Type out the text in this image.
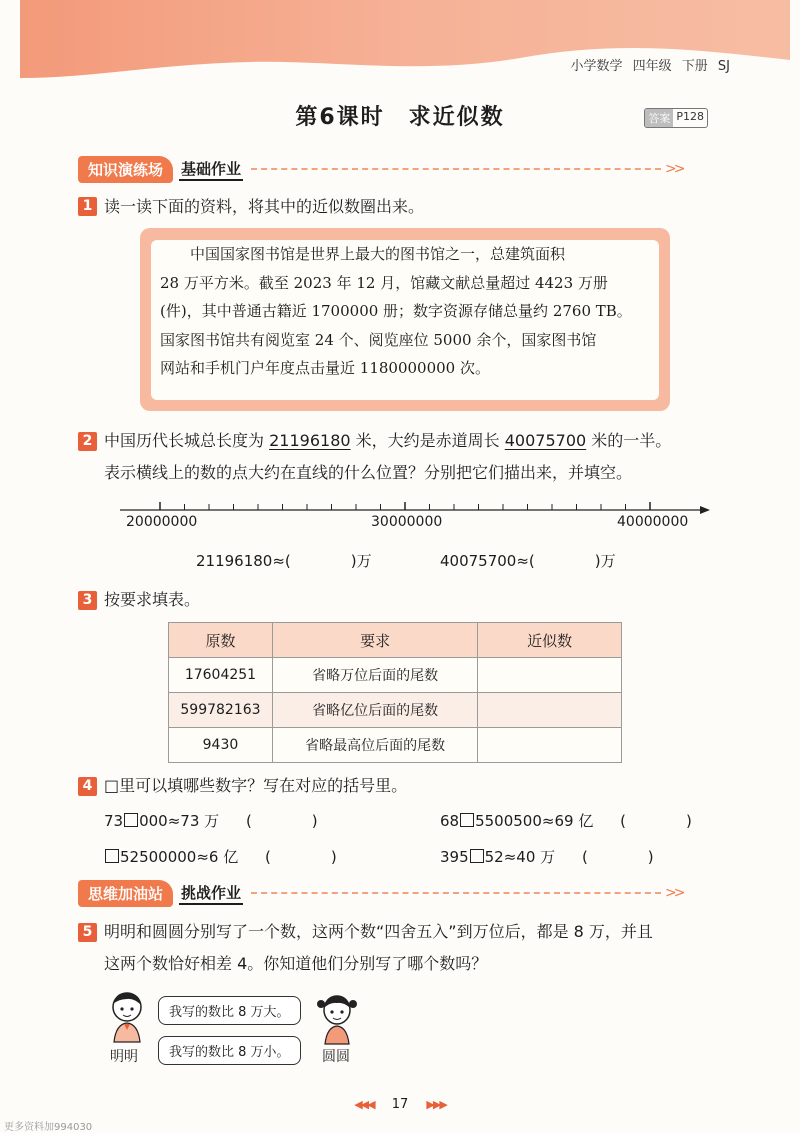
小学数学 四年级 下册 SJ
第6课时　求近似数	答案 P128
知识演练场	基础作业	>>
1 读一读下面的资料，将其中的近似数圈出来。
中国国家图书馆是世界上最大的图书馆之一，总建筑面积
28 万平方米。截至 2023 年 12 月，馆藏文献总量超过 4423 万册
(件)，其中普通古籍近 1700000 册；数字资源存储总量约 2760 TB。
国家图书馆共有阅览室 24 个、阅览座位 5000 余个，国家图书馆
网站和手机门户年度点击量近 1180000000 次。
2 中国历代长城总长度为 21196180 米，大约是赤道周长 40075700 米的一半。
表示横线上的数的点大约在直线的什么位置？分别把它们描出来，并填空。
20000000	30000000	40000000
21196180≈(　　　　)万	40075700≈(　　　　)万
3 按要求填表。
原数	要求	近似数
17604251	省略万位后面的尾数	
599782163	省略亿位后面的尾数	
9430	省略最高位后面的尾数	
4 □里可以填哪些数字？写在对应的括号里。
73 000≈73 万 (　　　　)	68 5500500≈69 亿 (　　　　)
52500000≈6 亿 (　　　　)	395 52≈40 万 (　　　　)
思维加油站	挑战作业	>>
5 明明和圆圆分别写了一个数，这两个数“四舍五入”到万位后，都是 8 万，并且
这两个数恰好相差 4。你知道他们分别写了哪个数吗？
明明
我写的数比 8 万大。
圆圆
我写的数比 8 万小。
◀◀◀ 17 ▶▶▶
更多资料加994030
